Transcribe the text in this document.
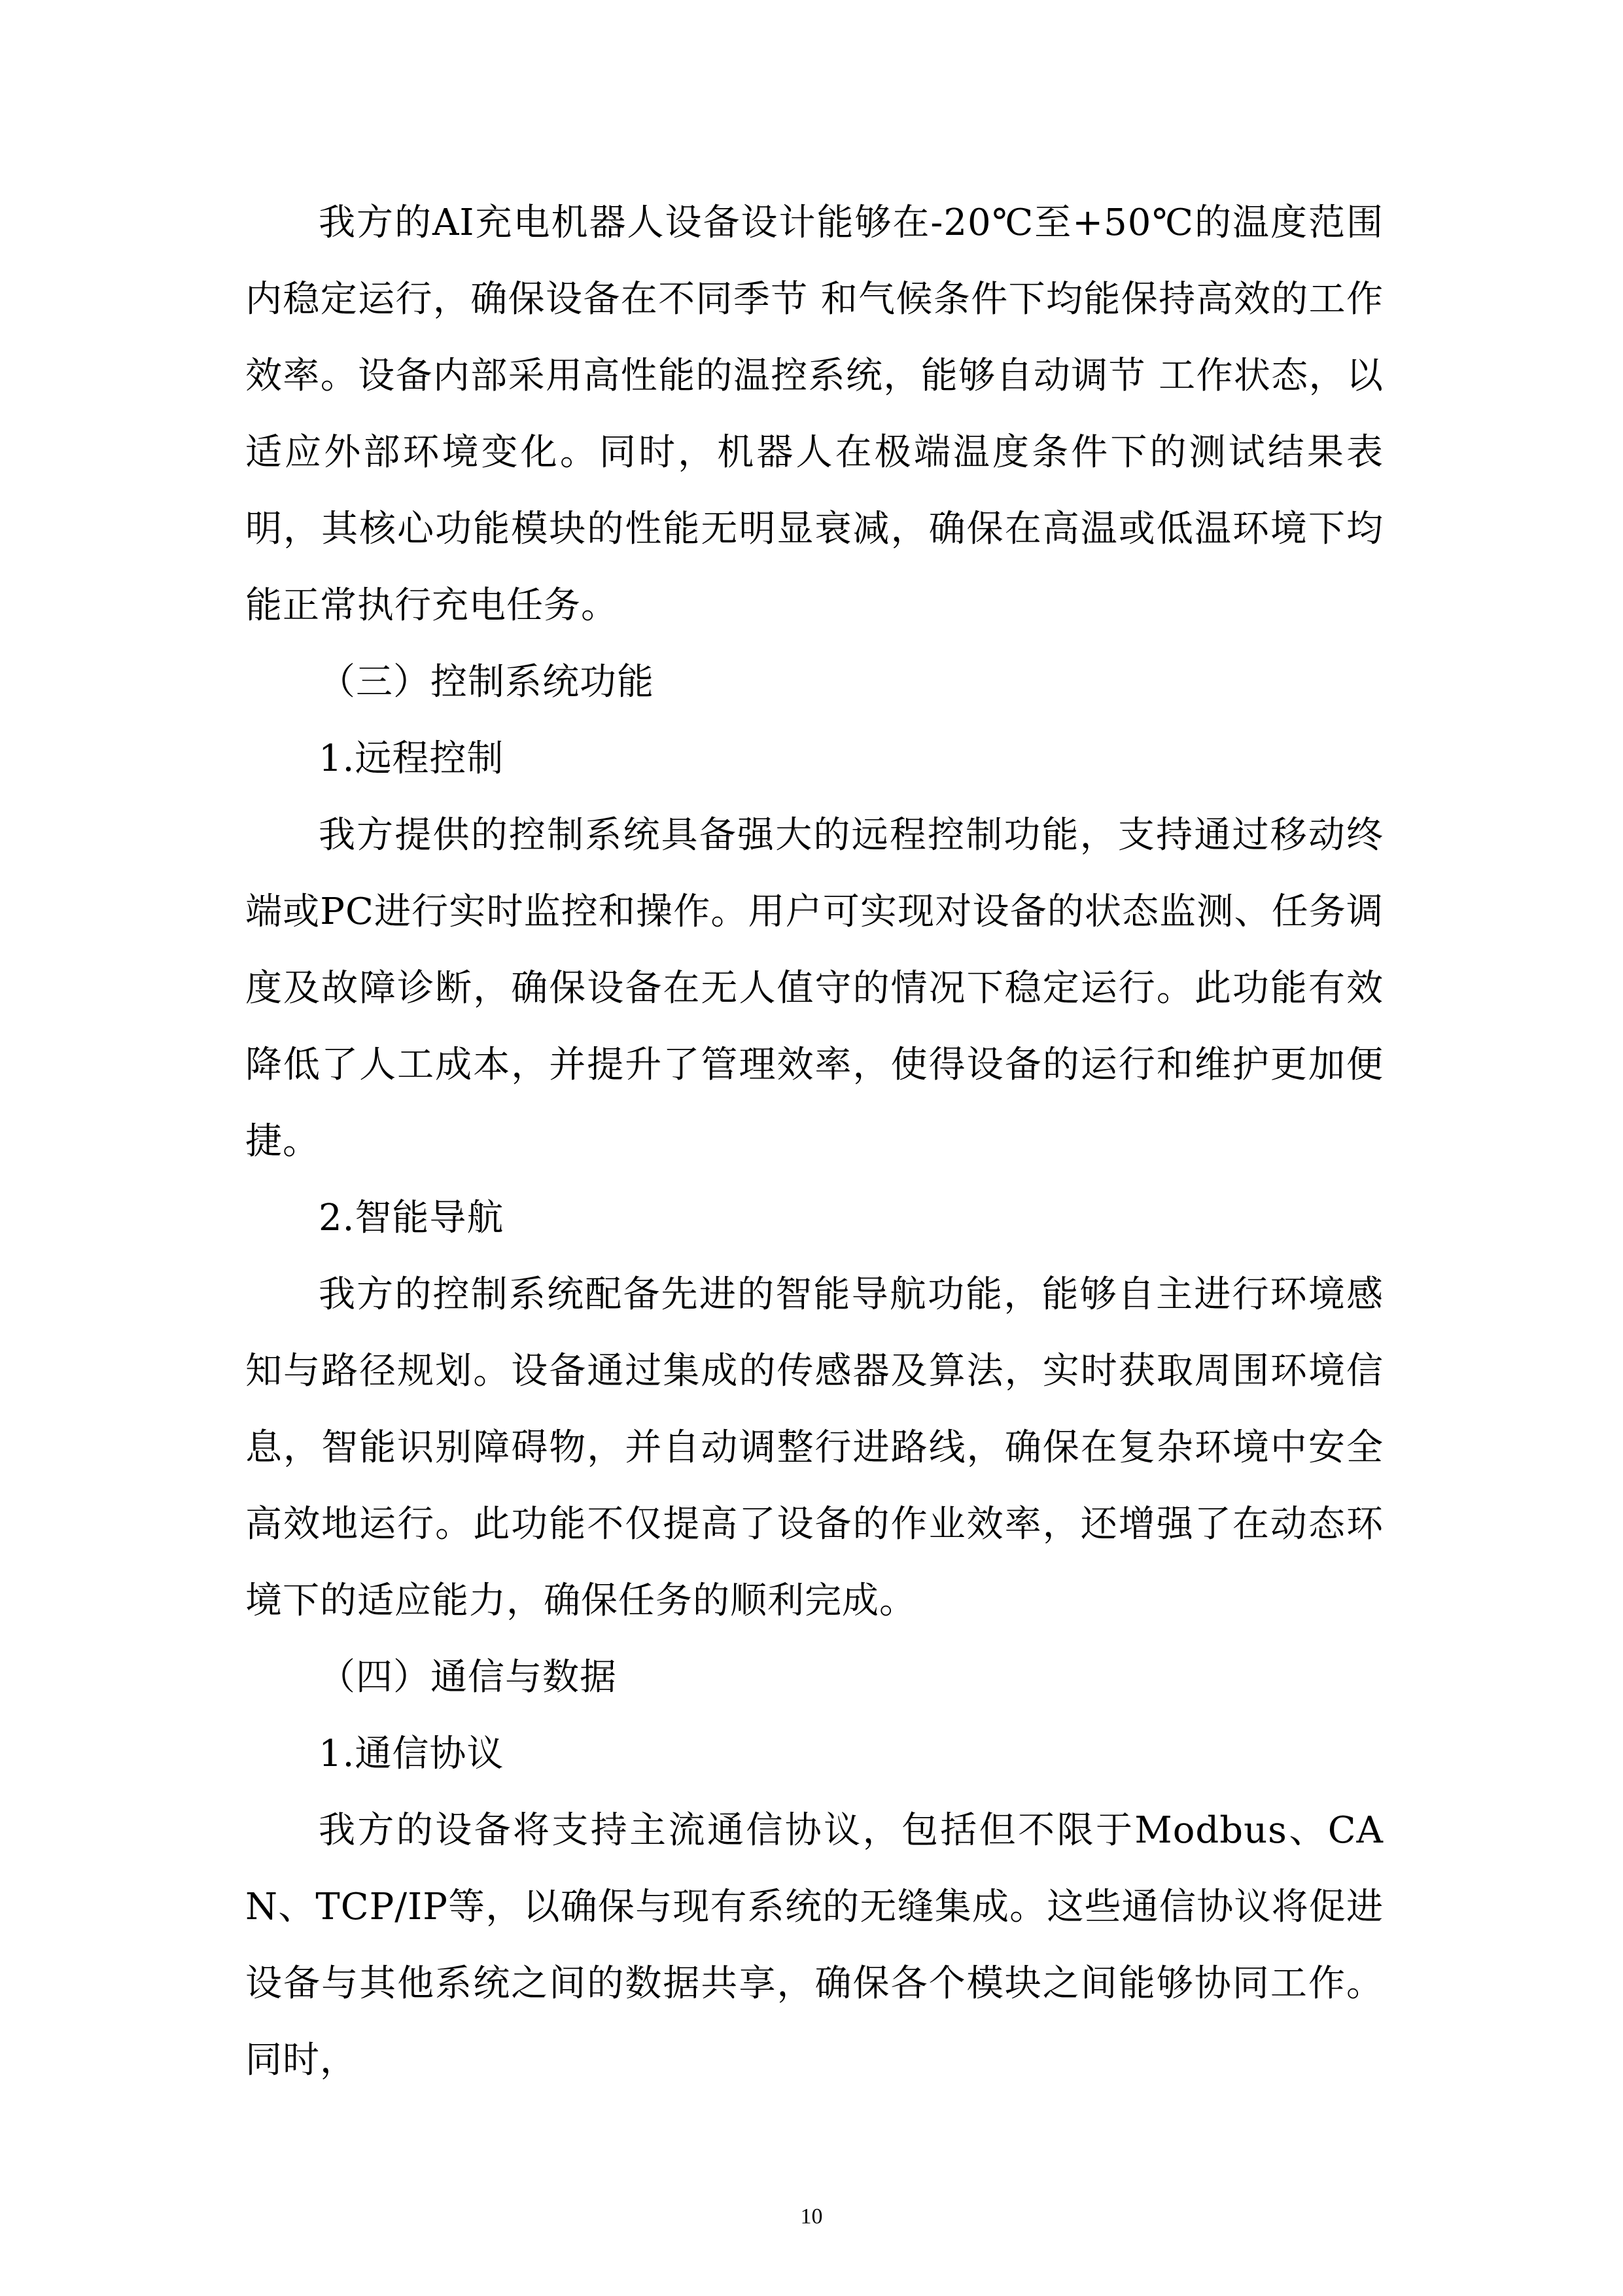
我方的AI充电机器人设备设计能够在-20℃至+50℃的温度范围内稳定运行，确保设备在不同季节 和气候条件下均能保持高效的工作效率。设备内部采用高性能的温控系统，能够自动调节 工作状态，以适应外部环境变化。同时，机器人在极端温度条件下的测试结果表明，其核心功能模块的性能无明显衰减，确保在高温或低温环境下均能正常执行充电任务。

（三）控制系统功能

1.远程控制

我方提供的控制系统具备强大的远程控制功能，支持通过移动终端或PC进行实时监控和操作。用户可实现对设备的状态监测、任务调度及故障诊断，确保设备在无人值守的情况下稳定运行。此功能有效降低了人工成本，并提升了管理效率，使得设备的运行和维护更加便捷。

2.智能导航

我方的控制系统配备先进的智能导航功能，能够自主进行环境感知与路径规划。设备通过集成的传感器及算法，实时获取周围环境信息，智能识别障碍物，并自动调整行进路线，确保在复杂环境中安全高效地运行。此功能不仅提高了设备的作业效率，还增强了在动态环境下的适应能力，确保任务的顺利完成。

（四）通信与数据

1.通信协议

我方的设备将支持主流通信协议，包括但不限于Modbus、CAN、TCP/IP等，以确保与现有系统的无缝集成。这些通信协议将促进设备与其他系统之间的数据共享，确保各个模块之间能够协同工作。同时，

10
